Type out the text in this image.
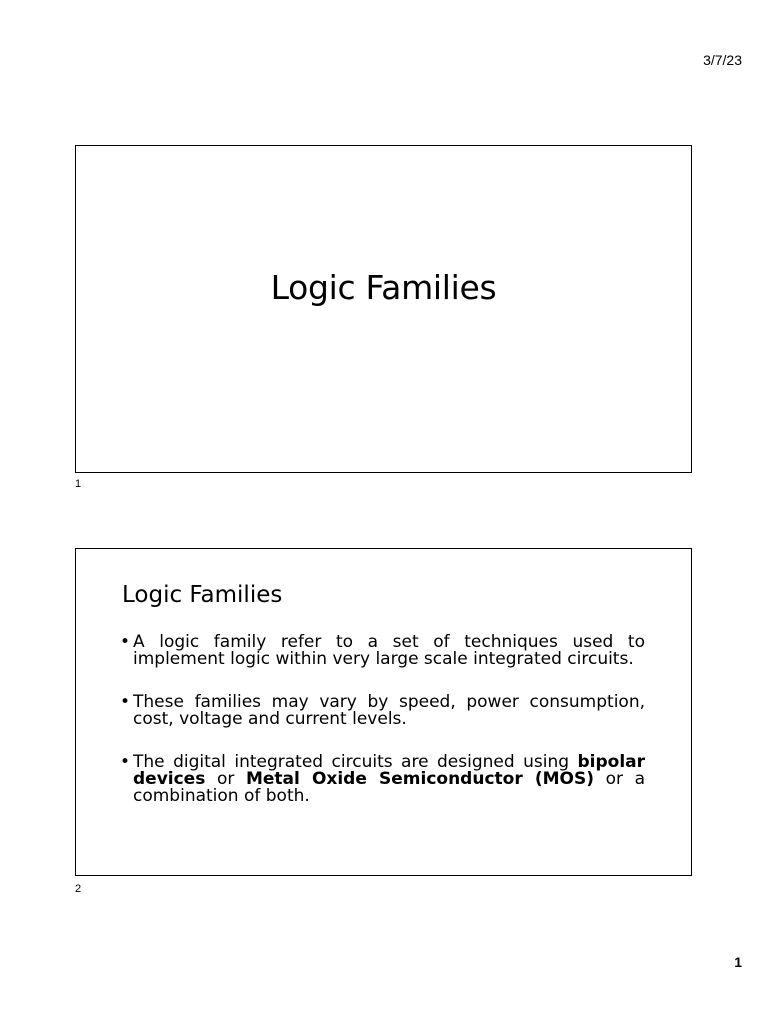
3/7/23
Logic Families
1
Logic Families
• A logic family refer to a set of techniques used to implement logic within very large scale integrated circuits.
• These families may vary by speed, power consumption, cost, voltage and current levels.
• The digital integrated circuits are designed using bipolar devices or Metal Oxide Semiconductor (MOS) or a combination of both.
2
1
